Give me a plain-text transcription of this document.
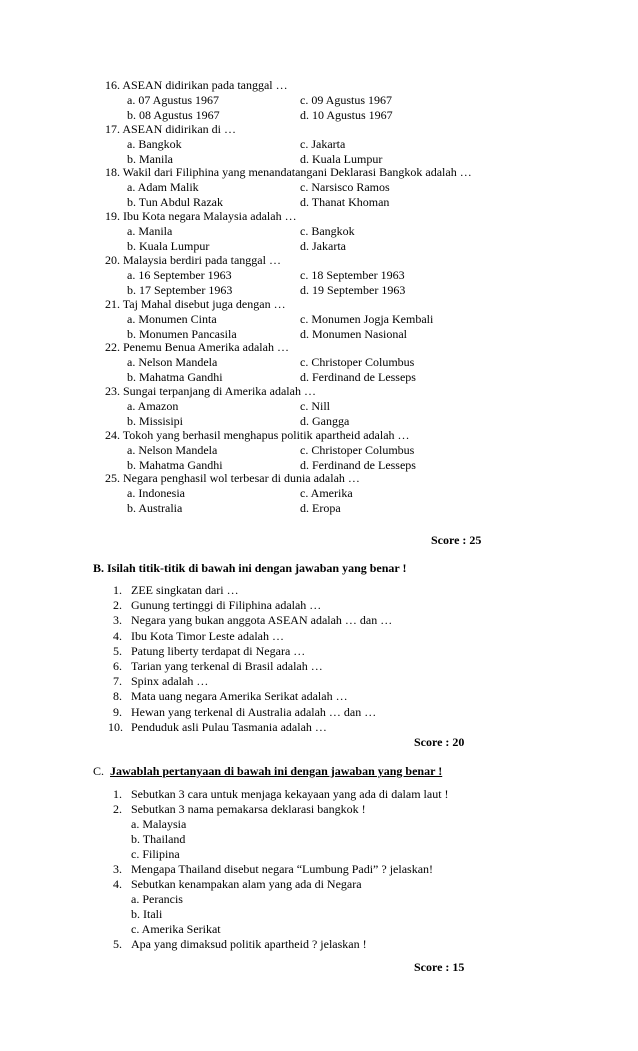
16. ASEAN didirikan pada tanggal …
a. 07 Agustus 1967	c. 09 Agustus 1967
b. 08 Agustus 1967	d. 10 Agustus 1967
17. ASEAN didirikan di …
a. Bangkok	c. Jakarta
b. Manila	d. Kuala Lumpur
18. Wakil dari Filiphina yang menandatangani Deklarasi Bangkok adalah …
a. Adam Malik	c. Narsisco Ramos
b. Tun Abdul Razak	d. Thanat Khoman
19. Ibu Kota negara Malaysia adalah …
a. Manila	c. Bangkok
b. Kuala Lumpur	d. Jakarta
20. Malaysia berdiri pada tanggal …
a. 16 September 1963	c. 18 September 1963
b. 17 September 1963	d. 19 September 1963
21. Taj Mahal disebut juga dengan …
a. Monumen Cinta	c. Monumen Jogja Kembali
b. Monumen Pancasila	d. Monumen Nasional
22. Penemu Benua Amerika adalah …
a. Nelson Mandela	c. Christoper Columbus
b. Mahatma Gandhi	d. Ferdinand de Lesseps
23. Sungai terpanjang di Amerika adalah …
a. Amazon	c. Nill
b. Missisipi	d. Gangga
24. Tokoh yang berhasil menghapus politik apartheid adalah …
a. Nelson Mandela	c. Christoper Columbus
b. Mahatma Gandhi	d. Ferdinand de Lesseps
25. Negara penghasil wol terbesar di dunia adalah …
a. Indonesia	c. Amerika
b. Australia	d. Eropa
Score : 25
B. Isilah titik-titik di bawah ini dengan jawaban yang benar !
1. ZEE singkatan dari …
2. Gunung tertinggi di Filiphina adalah …
3. Negara yang bukan anggota ASEAN adalah … dan …
4. Ibu Kota Timor Leste adalah …
5. Patung liberty terdapat di Negara …
6. Tarian yang terkenal di Brasil adalah …
7. Spinx adalah …
8. Mata uang negara Amerika Serikat adalah …
9. Hewan yang terkenal di Australia adalah … dan …
10. Penduduk asli Pulau Tasmania adalah …
Score : 20
C. Jawablah pertanyaan di bawah ini dengan jawaban yang benar !
1. Sebutkan 3 cara untuk menjaga kekayaan yang ada di dalam laut !
2. Sebutkan 3 nama pemakarsa deklarasi bangkok !
a. Malaysia
b. Thailand
c. Filipina
3. Mengapa Thailand disebut negara “Lumbung Padi” ? jelaskan!
4. Sebutkan kenampakan alam yang ada di Negara
a. Perancis
b. Itali
c. Amerika Serikat
5. Apa yang dimaksud politik apartheid ? jelaskan !
Score : 15
